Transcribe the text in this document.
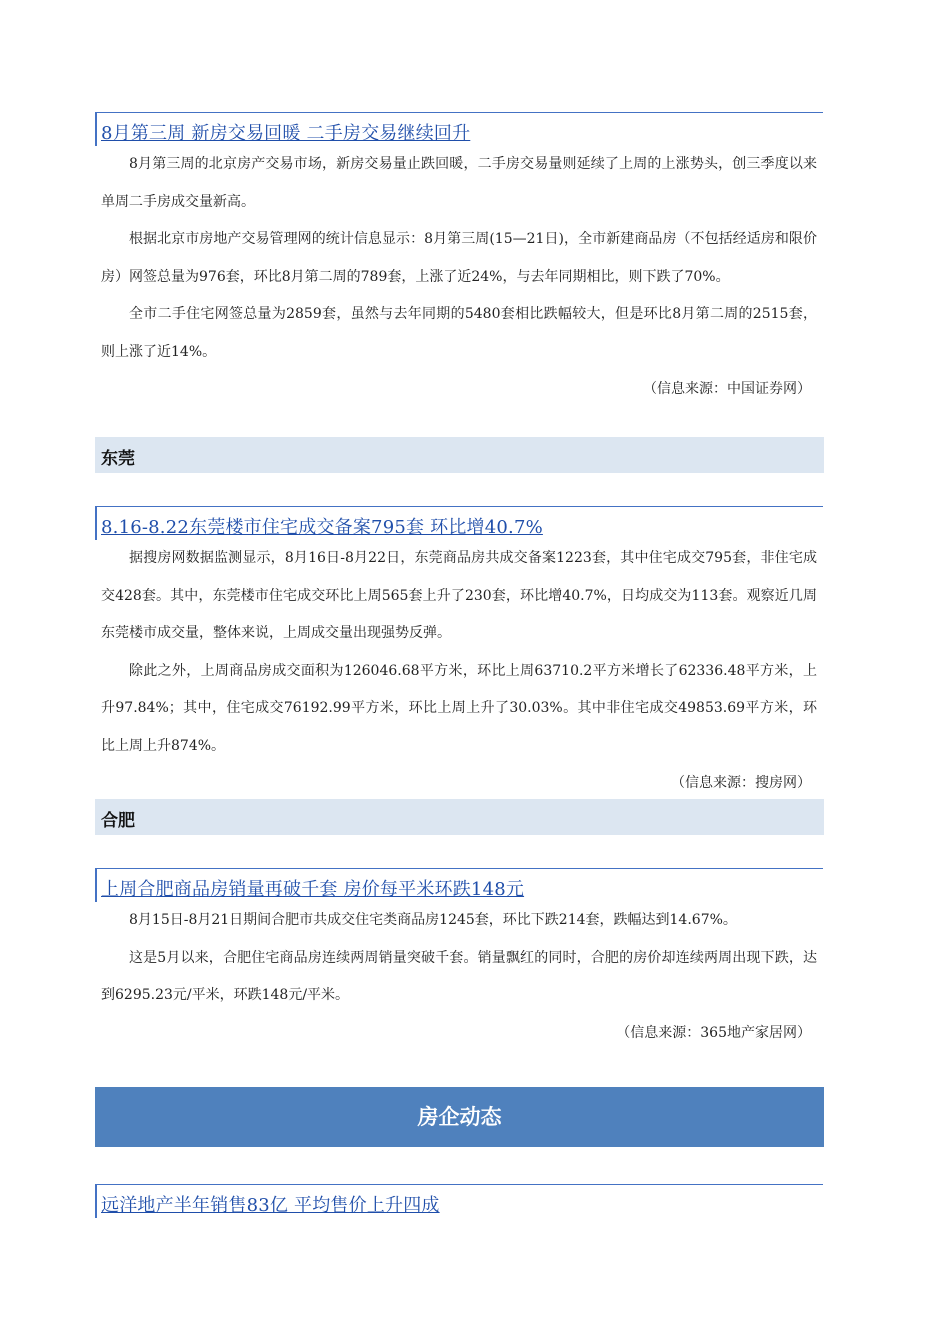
8月第三周 新房交易回暖 二手房交易继续回升

8月第三周的北京房产交易市场，新房交易量止跌回暖，二手房交易量则延续了上周的上涨势头，创三季度以来单周二手房成交量新高。

根据北京市房地产交易管理网的统计信息显示：8月第三周(15—21日)，全市新建商品房（不包括经适房和限价房）网签总量为976套，环比8月第二周的789套，上涨了近24%，与去年同期相比，则下跌了70%。

全市二手住宅网签总量为2859套，虽然与去年同期的5480套相比跌幅较大，但是环比8月第二周的2515套，则上涨了近14%。

（信息来源：中国证券网）
东莞
8.16-8.22东莞楼市住宅成交备案795套 环比增40.7%

据搜房网数据监测显示，8月16日-8月22日，东莞商品房共成交备案1223套，其中住宅成交795套，非住宅成交428套。其中，东莞楼市住宅成交环比上周565套上升了230套，环比增40.7%，日均成交为113套。观察近几周东莞楼市成交量，整体来说，上周成交量出现强势反弹。

除此之外，上周商品房成交面积为126046.68平方米，环比上周63710.2平方米增长了62336.48平方米，上升97.84%；其中，住宅成交76192.99平方米，环比上周上升了30.03%。其中非住宅成交49853.69平方米，环比上周上升874%。

（信息来源：搜房网）
合肥
上周合肥商品房销量再破千套 房价每平米环跌148元

8月15日-8月21日期间合肥市共成交住宅类商品房1245套，环比下跌214套，跌幅达到14.67%。

这是5月以来，合肥住宅商品房连续两周销量突破千套。销量飘红的同时，合肥的房价却连续两周出现下跌，达到6295.23元/平米，环跌148元/平米。

（信息来源：365地产家居网）
房企动态
远洋地产半年销售83亿 平均售价上升四成
